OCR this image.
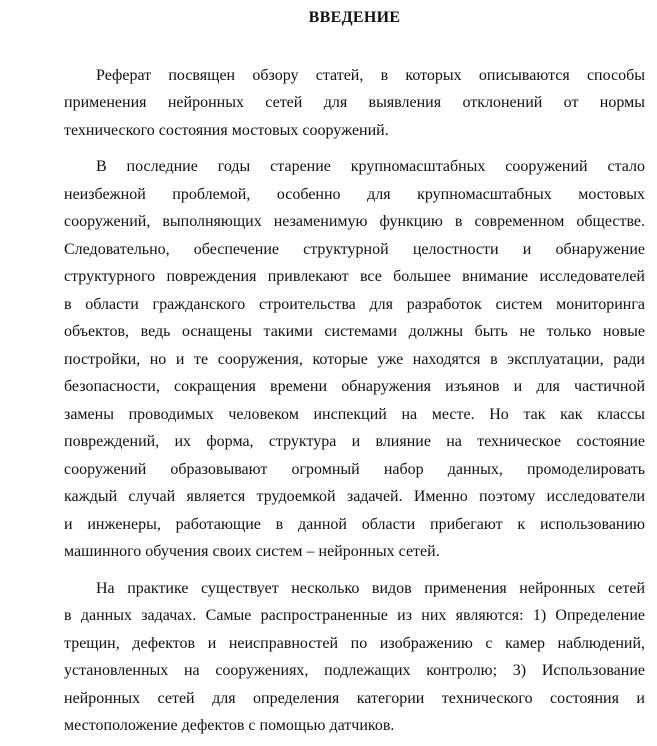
ВВЕДЕНИЕ
Реферат посвящен обзору статей, в которых описываются способы
применения нейронных сетей для выявления отклонений от нормы
технического состояния мостовых сооружений.
В последние годы старение крупномасштабных сооружений стало
неизбежной проблемой, особенно для крупномасштабных мостовых
сооружений, выполняющих незаменимую функцию в современном обществе.
Следовательно, обеспечение структурной целостности и обнаружение
структурного повреждения привлекают все большее внимание исследователей
в области гражданского строительства для разработок систем мониторинга
объектов, ведь оснащены такими системами должны быть не только новые
постройки, но и те сооружения, которые уже находятся в эксплуатации, ради
безопасности, сокращения времени обнаружения изъянов и для частичной
замены проводимых человеком инспекций на месте. Но так как классы
повреждений, их форма, структура и влияние на техническое состояние
сооружений образовывают огромный набор данных, промоделировать
каждый случай является трудоемкой задачей. Именно поэтому исследователи
и инженеры, работающие в данной области прибегают к использованию
машинного обучения своих систем – нейронных сетей.
На практике существует несколько видов применения нейронных сетей
в данных задачах. Самые распространенные из них являются: 1) Определение
трещин, дефектов и неисправностей по изображению с камер наблюдений,
установленных на сооружениях, подлежащих контролю; 3) Использование
нейронных сетей для определения категории технического состояния и
местоположение дефектов с помощью датчиков.
